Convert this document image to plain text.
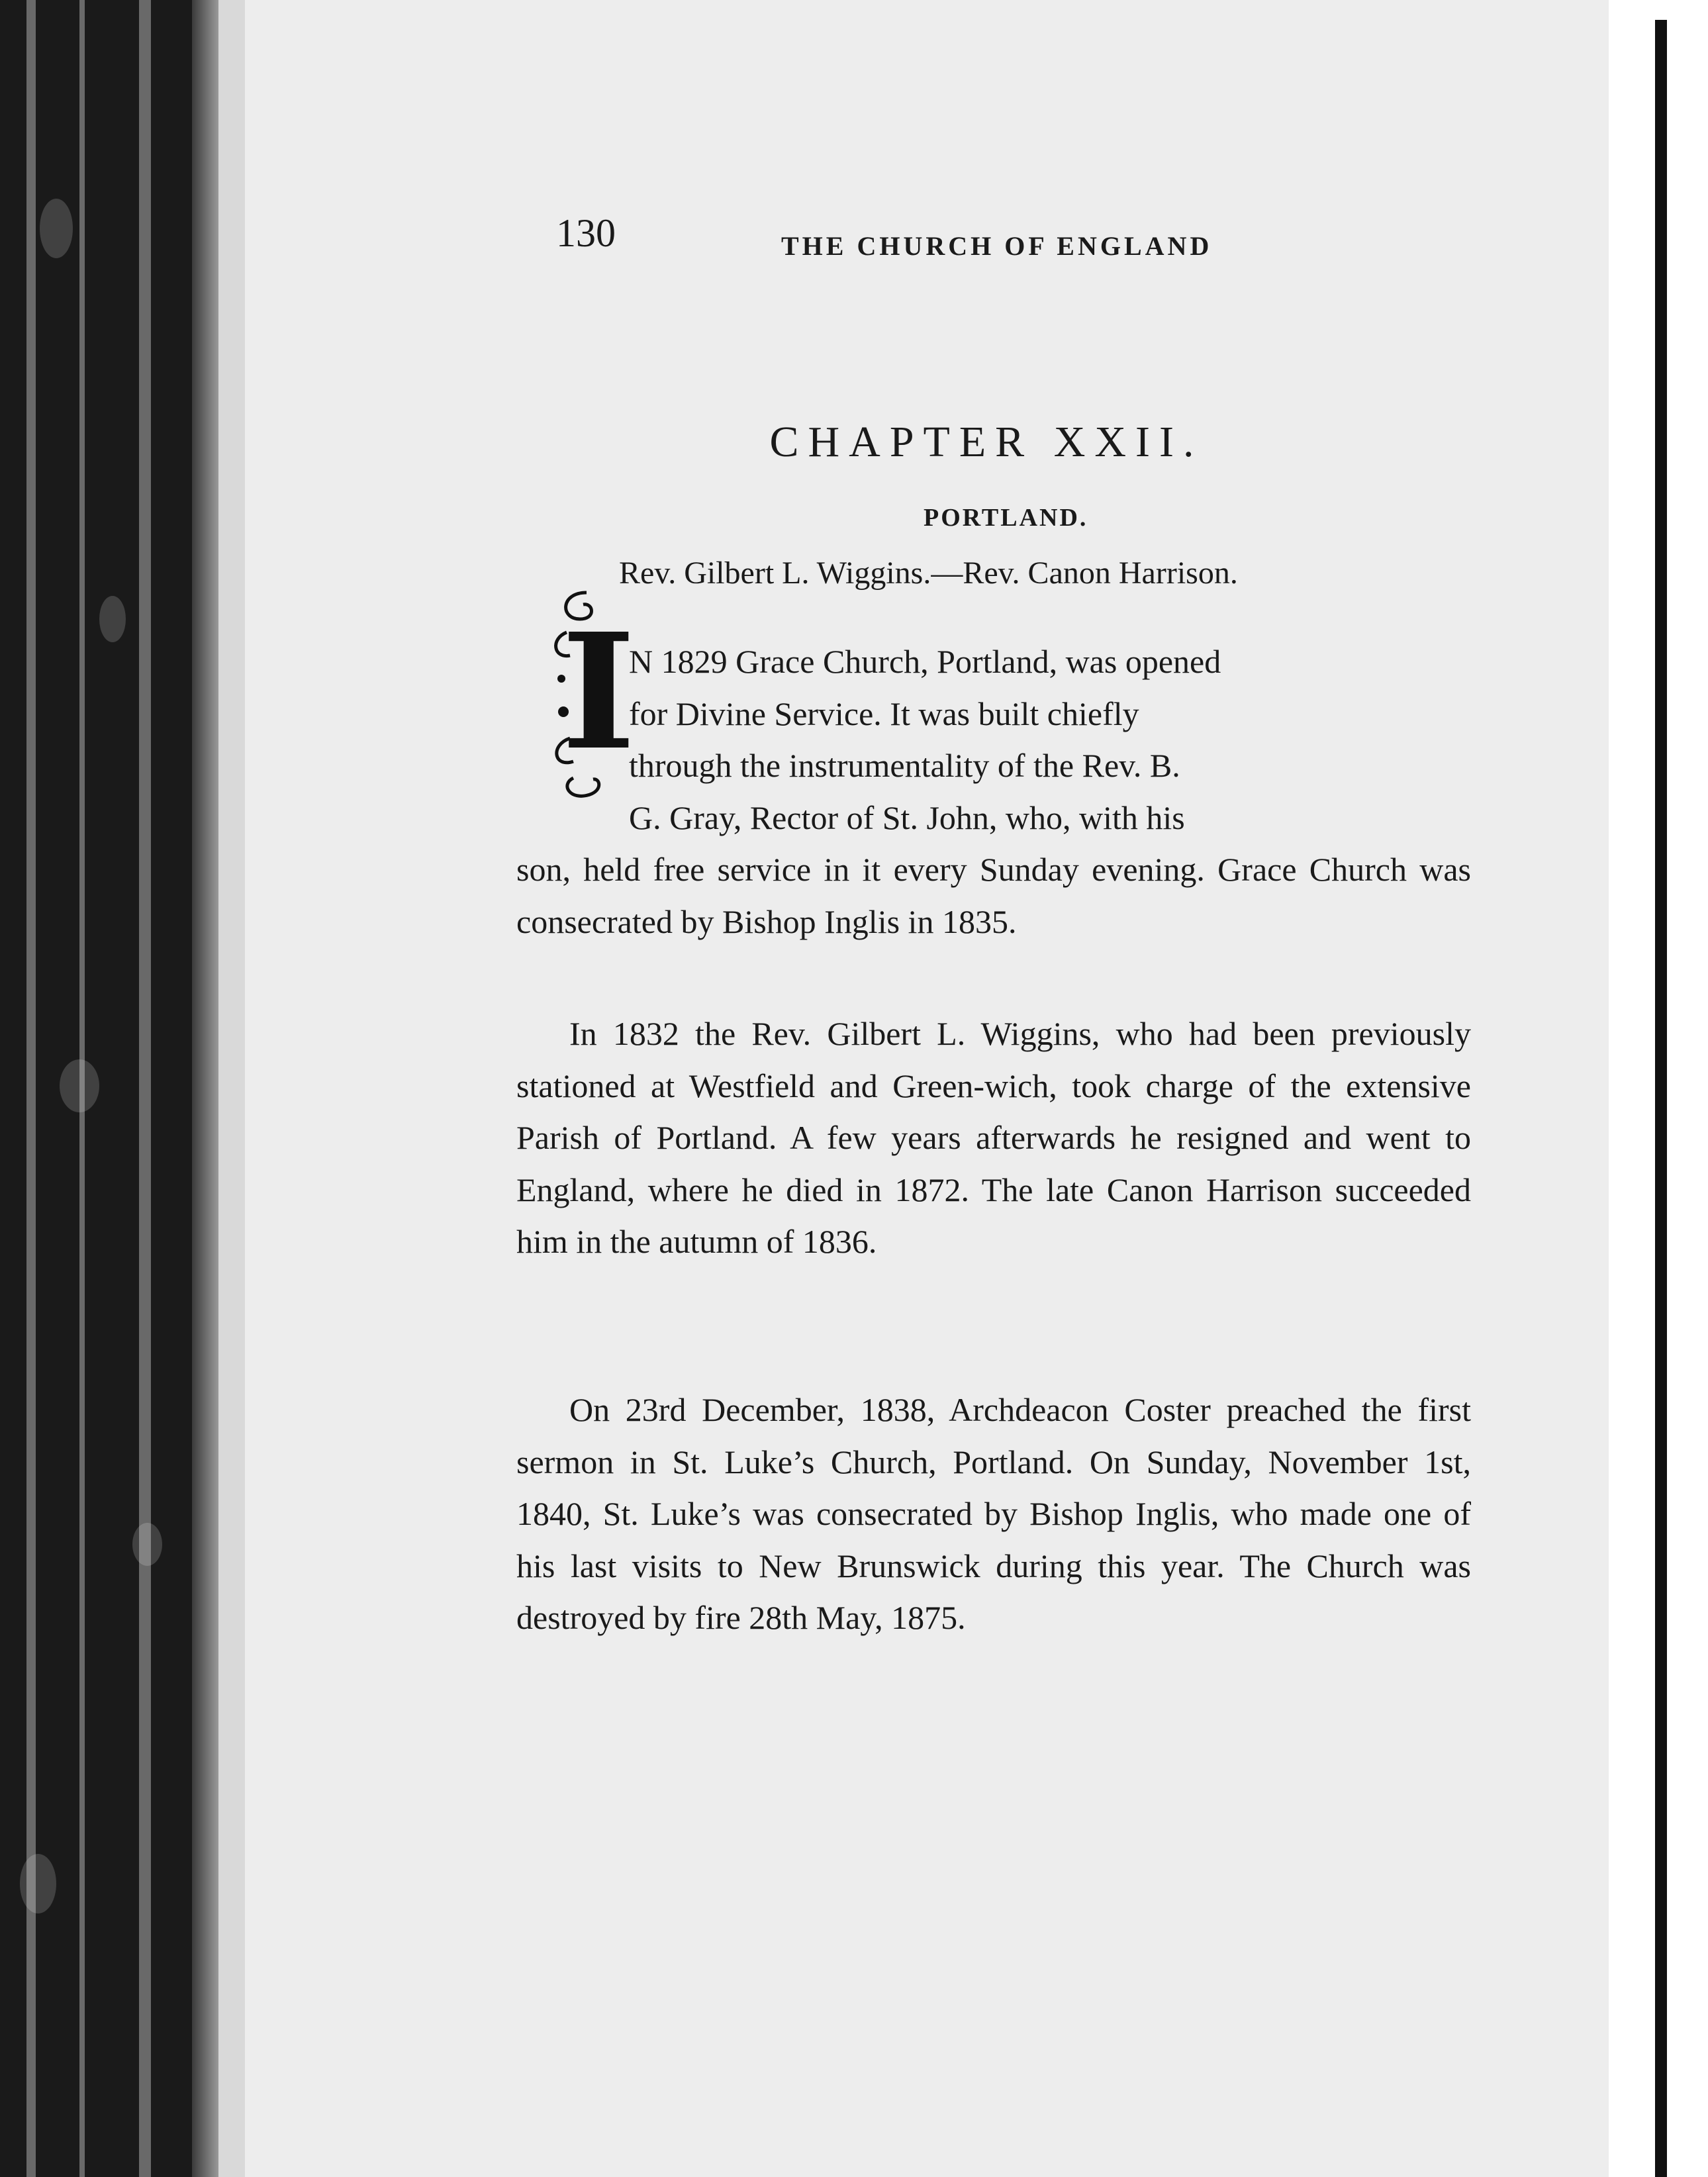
130	THE CHURCH OF ENGLAND
CHAPTER XXII.
PORTLAND.
Rev. Gilbert L. Wiggins.—Rev. Canon Harrison.
I

N 1829 Grace Church, Portland, was opened

for Divine Service. It was built chiefly

through the instrumentality of the Rev. B.

G. Gray, Rector of St. John, who, with his

son, held free service in it every Sunday evening. Grace Church was consecrated by Bishop Inglis in 1835.

In 1832 the Rev. Gilbert L. Wiggins, who had been previously stationed at Westfield and Green-wich, took charge of the extensive Parish of Portland. A few years afterwards he resigned and went to England, where he died in 1872. The late Canon Harrison succeeded him in the autumn of 1836.

On 23rd December, 1838, Archdeacon Coster preached the first sermon in St. Luke’s Church, Portland. On Sunday, November 1st, 1840, St. Luke’s was consecrated by Bishop Inglis, who made one of his last visits to New Brunswick during this year. The Church was destroyed by fire 28th May, 1875.
